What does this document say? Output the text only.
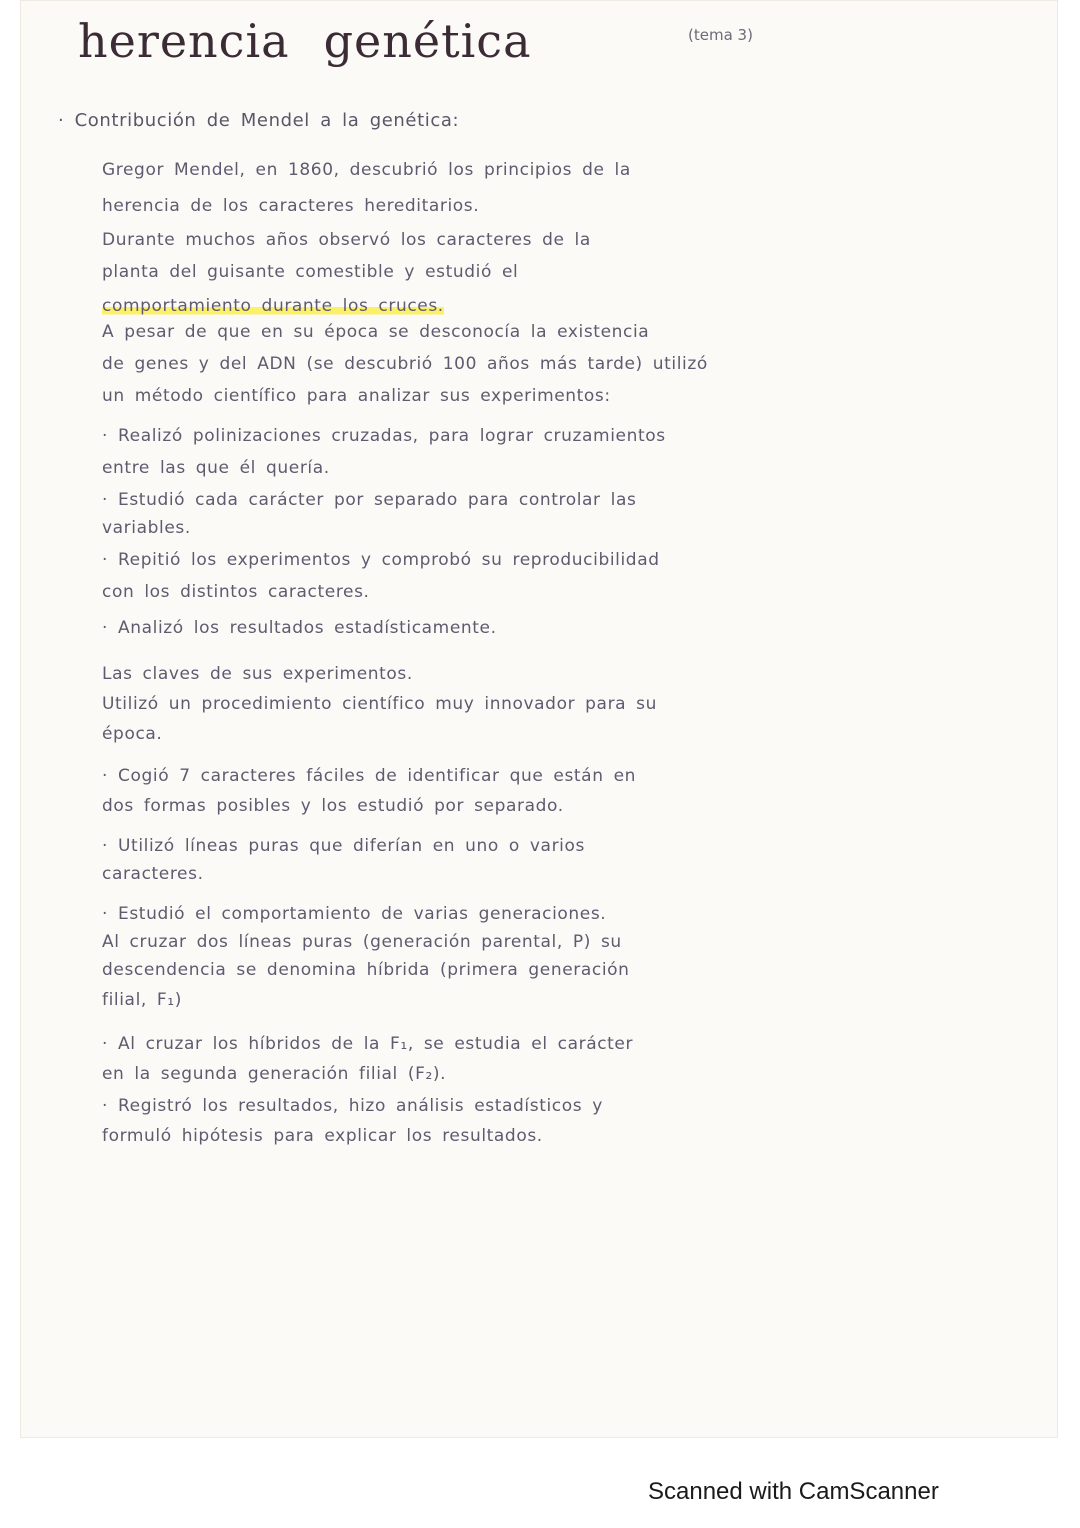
herencia genética	(tema 3)
· Contribución de Mendel a la genética:
Gregor Mendel, en 1860, descubrió los principios de la
herencia de los caracteres hereditarios.
Durante muchos años observó los caracteres de la
planta del guisante comestible y estudió el
comportamiento durante los cruces.
A pesar de que en su época se desconocía la existencia
de genes y del ADN (se descubrió 100 años más tarde) utilizó
un método científico para analizar sus experimentos:
· Realizó polinizaciones cruzadas, para lograr cruzamientos
entre las que él quería.
· Estudió cada carácter por separado para controlar las
variables.
· Repitió los experimentos y comprobó su reproducibilidad
con los distintos caracteres.
· Analizó los resultados estadísticamente.
Las claves de sus experimentos.
Utilizó un procedimiento científico muy innovador para su
época.
· Cogió 7 caracteres fáciles de identificar que están en
dos formas posibles y los estudió por separado.
· Utilizó líneas puras que diferían en uno o varios
caracteres.
· Estudió el comportamiento de varias generaciones.
Al cruzar dos líneas puras (generación parental, P) su
descendencia se denomina híbrida (primera generación
filial, F₁)
· Al cruzar los híbridos de la F₁, se estudia el carácter
en la segunda generación filial (F₂).
· Registró los resultados, hizo análisis estadísticos y
formuló hipótesis para explicar los resultados.
Scanned with CamScanner
